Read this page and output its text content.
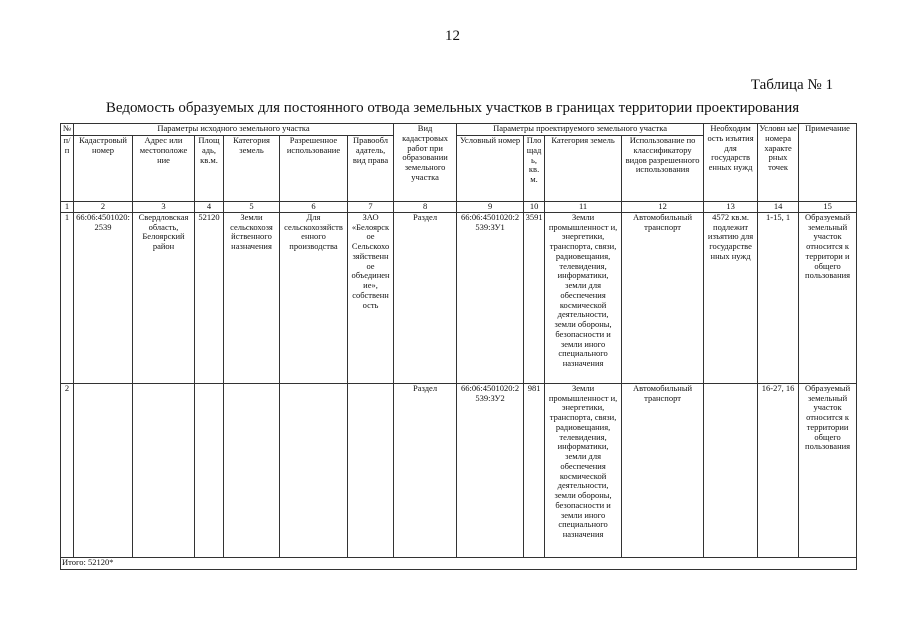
12
Таблица № 1
Ведомость образуемых для постоянного отвода земельных участков в границах территории проектирования
№	Параметры исходного земельного участка						Вид кадастровых работ при образовании земельного участка	Параметры проектируемого земельного участка				Необходим ость изъятия для государств енных нужд	Условн ые номера характе рных точек	Примечание
п/п	Кадастровый номер	Адрес или местоположе ние	Площ адь, кв.м.	Категория земель	Разрешенное использование	Правообл адатель, вид права		Условный номер	Пло щад ь, кв. м.	Категория земель	Использование по классификатору видов разрешенного использования			
1	2	3	4	5	6	7	8	9	10	11	12	13	14	15
1	66:06:4501020: 2539	Свердловская область, Белоярский район	52120	Земли сельскохозя йственного назначения	Для сельскохозяйств енного производства	ЗАО «Белоярск ое Сельскохо зяйственн ое объединен ие», собственн ость	Раздел	66:06:4501020:2 539:ЗУ1	3591	Земли промышленност и, энергетики, транспорта, связи, радиовещания, телевидения, информатики, земли для обеспечения космической деятельности, земли обороны, безопасности и земли иного специального назначения	Автомобильный транспорт	4572 кв.м. подлежит изъятию для государстве нных нужд	1-15, 1	Образуемый земельный участок относится к территори и общего пользования
2							Раздел	66:06:4501020:2 539:ЗУ2	981	Земли промышленност и, энергетики, транспорта, связи, радиовещания, телевидения, информатики, земли для обеспечения космической деятельности, земли обороны, безопасности и земли иного специального назначения	Автомобильный транспорт		16-27, 16	Образуемый земельный участок относится к территории общего пользования
Итого: 52120*														
